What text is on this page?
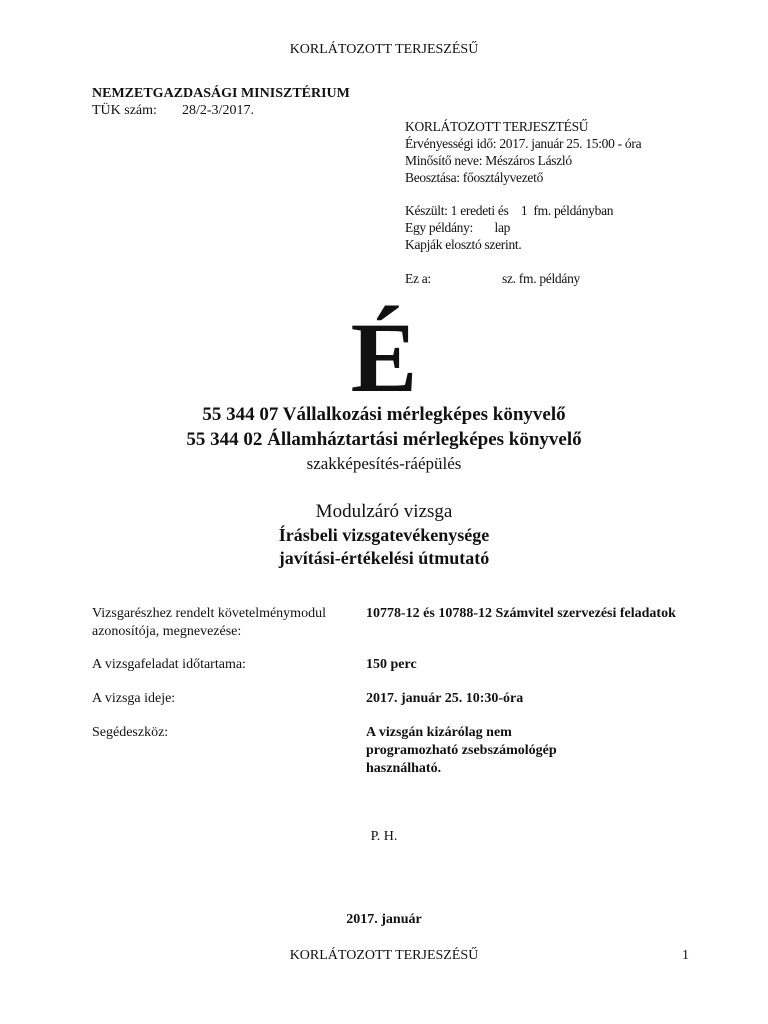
KORLÁTOZOTT TERJESZÉSŰ
NEMZETGAZDASÁGI MINISZTÉRIUM
TÜK szám: 28/2-3/2017.
KORLÁTOZOTT TERJESZTÉSŰ
Érvényességi idő: 2017. január 25. 15:00 - óra
Minősítő neve: Mészáros László
Beosztása: főosztályvezető
Készült: 1 eredeti és    1  fm. példányban
Egy példány:       lap
Kapják elosztó szerint.
Ez a:	sz. fm. példány
É
55 344 07 Vállalkozási mérlegképes könyvelő
55 344 02 Államháztartási mérlegképes könyvelő
szakképesítés-ráépülés
Modulzáró vizsga
Írásbeli vizsgatevékenysége
javítási-értékelési útmutató
Vizsgarészhez rendelt követelménymodul azonosítója, megnevezése:
10778-12 és 10788-12 Számvitel szervezési feladatok
A vizsgafeladat időtartama:	150 perc
A vizsga ideje:	2017. január 25. 10:30-óra
Segédeszköz:	A vizsgán kizárólag nem programozható zsebszámológép használható.
P. H.
2017. január
KORLÁTOZOTT TERJESZÉSŰ	1
